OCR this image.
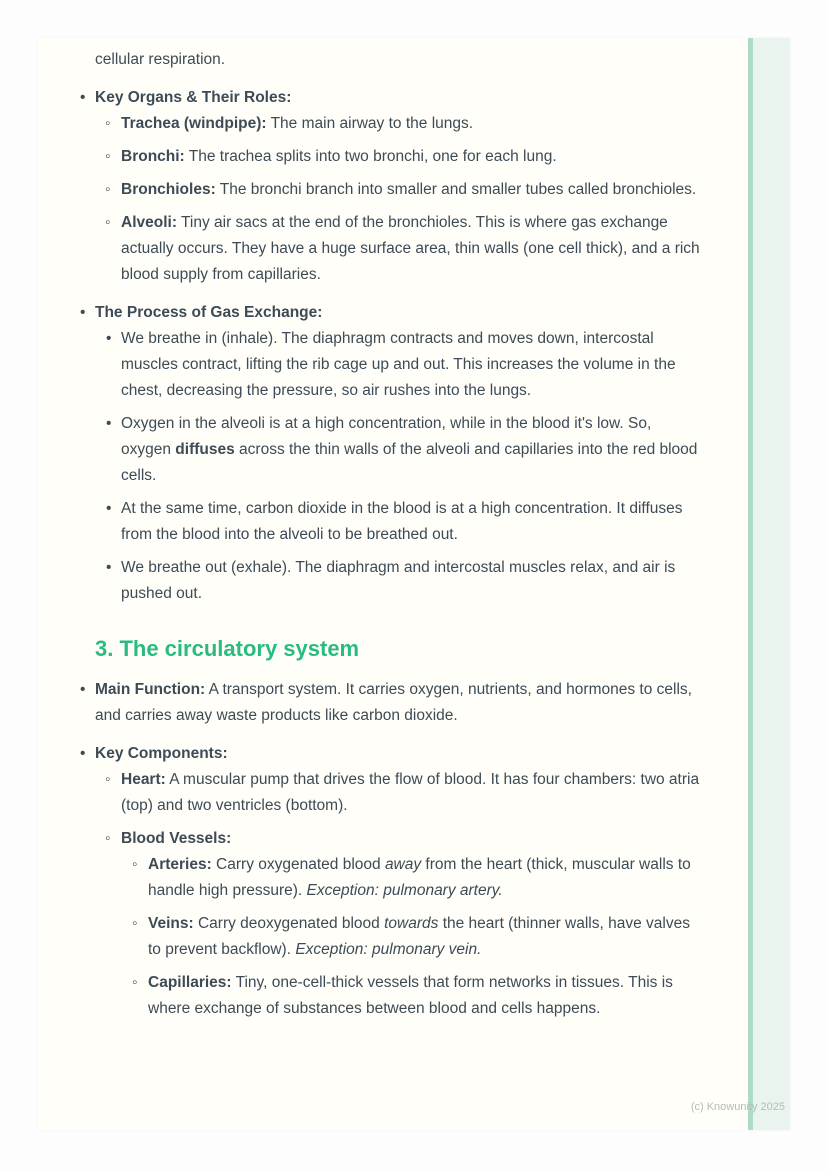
cellular respiration.

• Key Organs & Their Roles:
◦ Trachea (windpipe): The main airway to the lungs.
◦ Bronchi: The trachea splits into two bronchi, one for each lung.
◦ Bronchioles: The bronchi branch into smaller and smaller tubes called bronchioles.
◦ Alveoli: Tiny air sacs at the end of the bronchioles. This is where gas exchange actually occurs. They have a huge surface area, thin walls (one cell thick), and a rich blood supply from capillaries.
• The Process of Gas Exchange:
• We breathe in (inhale). The diaphragm contracts and moves down, intercostal muscles contract, lifting the rib cage up and out. This increases the volume in the chest, decreasing the pressure, so air rushes into the lungs.
• Oxygen in the alveoli is at a high concentration, while in the blood it's low. So, oxygen diffuses across the thin walls of the alveoli and capillaries into the red blood cells.
• At the same time, carbon dioxide in the blood is at a high concentration. It diffuses from the blood into the alveoli to be breathed out.
• We breathe out (exhale). The diaphragm and intercostal muscles relax, and air is pushed out.
3. The circulatory system
• Main Function: A transport system. It carries oxygen, nutrients, and hormones to cells, and carries away waste products like carbon dioxide.
• Key Components:
◦ Heart: A muscular pump that drives the flow of blood. It has four chambers: two atria (top) and two ventricles (bottom).
◦ Blood Vessels:
◦ Arteries: Carry oxygenated blood away from the heart (thick, muscular walls to handle high pressure). Exception: pulmonary artery.
◦ Veins: Carry deoxygenated blood towards the heart (thinner walls, have valves to prevent backflow). Exception: pulmonary vein.
◦ Capillaries: Tiny, one-cell-thick vessels that form networks in tissues. This is where exchange of substances between blood and cells happens.
(c) Knowunity 2025
